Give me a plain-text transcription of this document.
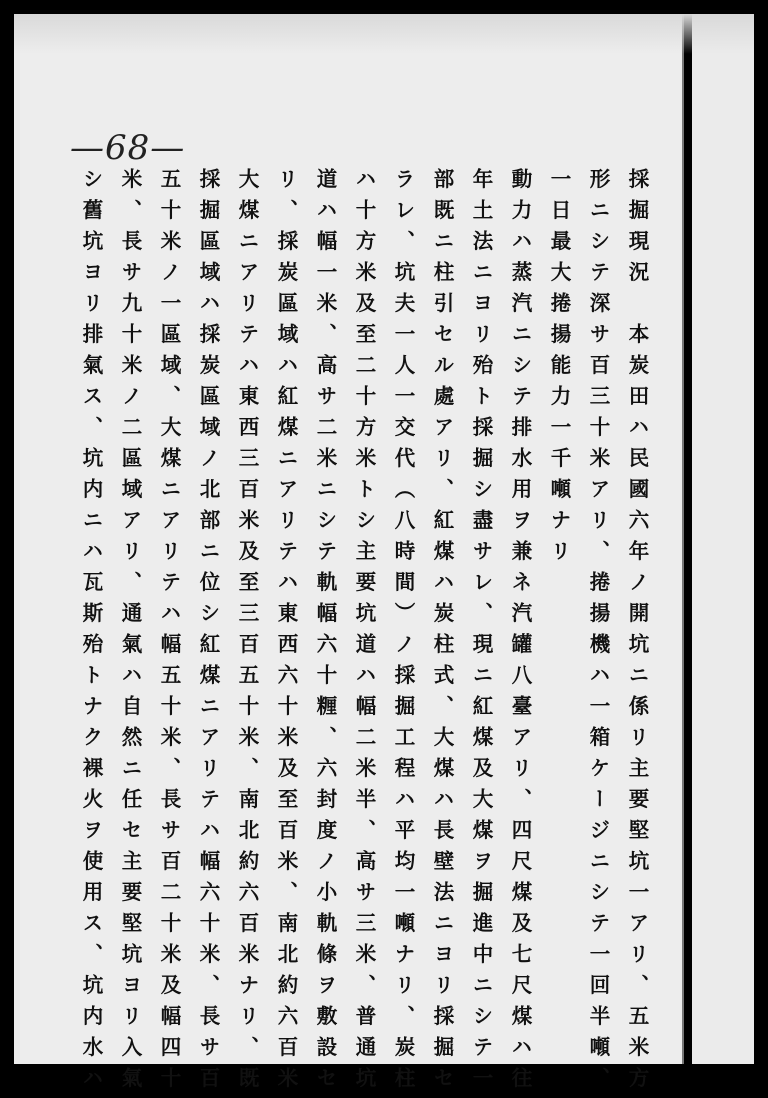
—68—
採掘現況　本炭田ハ民國六年ノ開坑ニ係リ主要堅坑一アリ、五米方
形ニシテ深サ百三十米アリ、捲揚機ハ一箱ケージニシテ一回半噸、
一日最大捲揚能力一千噸ナリ
動力ハ蒸汽ニシテ排水用ヲ兼ネ汽罐八臺アリ、四尺煤及七尺煤ハ往
年土法ニヨリ殆ト採掘シ盡サレ、現ニ紅煤及大煤ヲ掘進中ニシテ一
部既ニ柱引セル處アリ、紅煤ハ炭柱式、大煤ハ長壁法ニヨリ採掘セ
ラレ、坑夫一人一交代（八時間）ノ採掘工程ハ平均一噸ナリ、炭柱
ハ十方米及至二十方米トシ主要坑道ハ幅二米半、高サ三米、普通坑
道ハ幅一米、高サ二米ニシテ軌幅六十糎、六封度ノ小軌條ヲ敷設セ
リ、採炭區域ハ紅煤ニアリテハ東西六十米及至百米、南北約六百米
大煤ニアリテハ東西三百米及至三百五十米、南北約六百米ナリ、既
採掘區域ハ採炭區域ノ北部ニ位シ紅煤ニアリテハ幅六十米、長サ百
五十米ノ一區域、大煤ニアリテハ幅五十米、長サ百二十米及幅四十
米、長サ九十米ノ二區域アリ、通氣ハ自然ニ任セ主要堅坑ヨリ入氣
シ舊坑ヨリ排氣ス、坑内ニハ瓦斯殆トナク裸火ヲ使用ス、坑内水ハ
